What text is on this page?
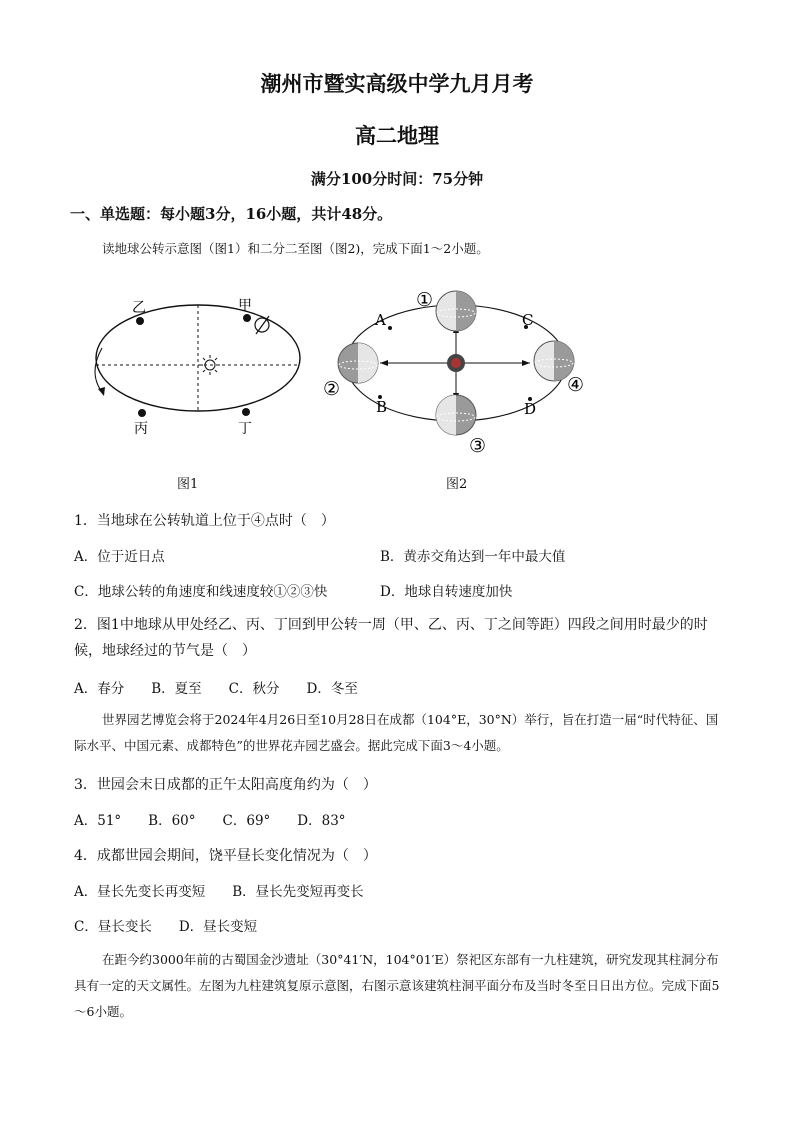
潮州市暨实高级中学九月月考
高二地理
满分100分时间：75分钟
一、单选题：每小题3分，16小题，共计48分。
读地球公转示意图（图1）和二分二至图（图2)，完成下面1～2小题。
乙	甲
丙	丁
图1
A	C
B	D
①
②
③
④
图2
1．当地球在公转轨道上位于④点时（　）
A．位于近日点	B．黄赤交角达到一年中最大值
C．地球公转的角速度和线速度较①②③快	D．地球自转速度加快
2．图1中地球从甲处经乙、丙、丁回到甲公转一周（甲、乙、丙、丁之间等距）四段之间用时最少的时候，地球经过的节气是（　）
A．春分　　B．夏至　　C．秋分　　D．冬至
世界园艺博览会将于2024年4月26日至10月28日在成都（104°E，30°N）举行，旨在打造一届“时代特征、国际水平、中国元素、成都特色”的世界花卉园艺盛会。据此完成下面3～4小题。
3．世园会末日成都的正午太阳高度角约为（　）
A．51°　　B．60°　　C．69°　　D．83°
4．成都世园会期间，饶平昼长变化情况为（　）
A．昼长先变长再变短　　B．昼长先变短再变长
C．昼长变长　　D．昼长变短
在距今约3000年前的古蜀国金沙遗址（30°41′N，104°01′E）祭祀区东部有一九柱建筑，研究发现其柱洞分布具有一定的天文属性。左图为九柱建筑复原示意图，右图示意该建筑柱洞平面分布及当时冬至日日出方位。完成下面5～6小题。
